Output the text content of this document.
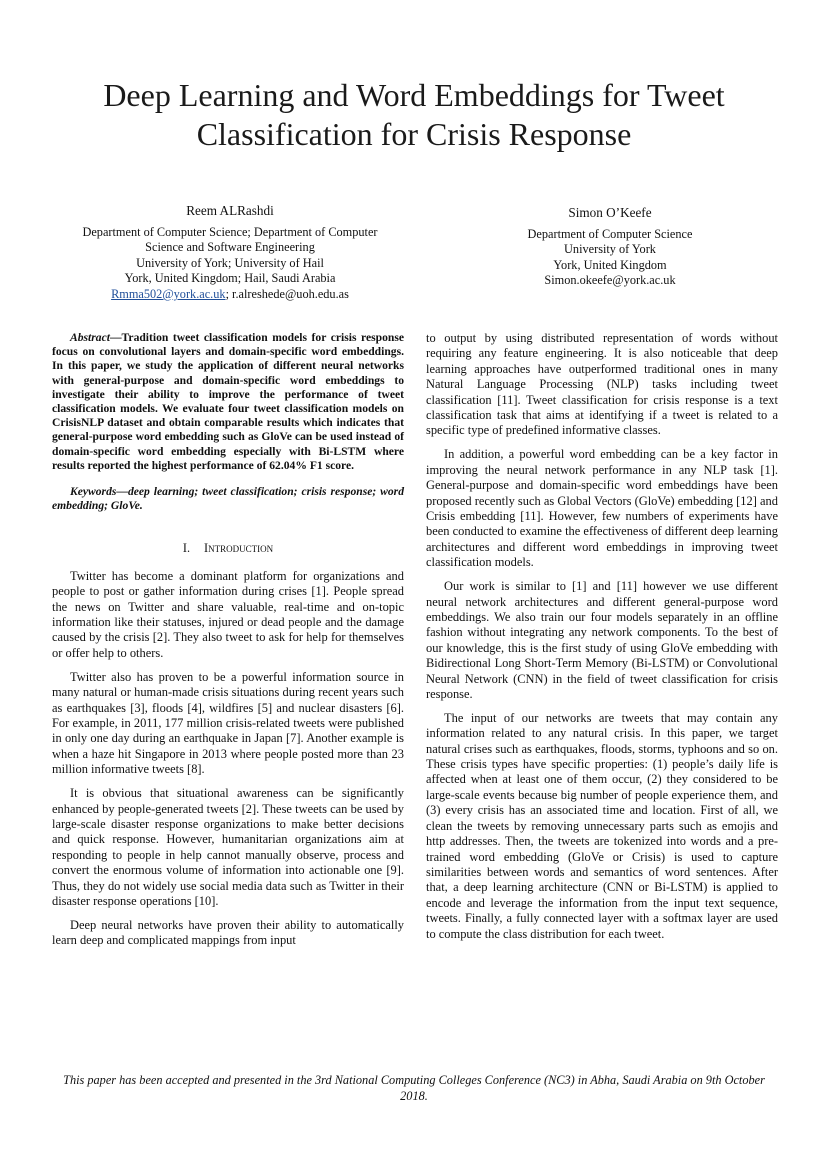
Deep Learning and Word Embeddings for Tweet Classification for Crisis Response
Reem ALRashdi
Department of Computer Science; Department of Computer
Science and Software Engineering
University of York; University of Hail
York, United Kingdom; Hail, Saudi Arabia
Rmma502@york.ac.uk; r.alreshede@uoh.edu.as
Simon O’Keefe
Department of Computer Science
University of York
York, United Kingdom
Simon.okeefe@york.ac.uk

Abstract—Tradition tweet classification models for crisis response focus on convolutional layers and domain-specific word embeddings. In this paper, we study the application of different neural networks with general-purpose and domain-specific word embeddings to investigate their ability to improve the performance of tweet classification models. We evaluate four tweet classification models on CrisisNLP dataset and obtain comparable results which indicates that general-purpose word embedding such as GloVe can be used instead of domain-specific word embedding especially with Bi-LSTM where results reported the highest performance of 62.04% F1 score.

Keywords—deep learning; tweet classification; crisis response; word embedding; GloVe.

I. Introduction

Twitter has become a dominant platform for organizations and people to post or gather information during crises [1]. People spread the news on Twitter and share valuable, real-time and on-topic information like their statuses, injured or dead people and the damage caused by the crisis [2]. They also tweet to ask for help for themselves or offer help to others.

Twitter also has proven to be a powerful information source in many natural or human-made crisis situations during recent years such as earthquakes [3], floods [4], wildfires [5] and nuclear disasters [6]. For example, in 2011, 177 million crisis-related tweets were published in only one day during an earthquake in Japan [7]. Another example is when a haze hit Singapore in 2013 where people posted more than 23 million informative tweets [8].

It is obvious that situational awareness can be significantly enhanced by people-generated tweets [2]. These tweets can be used by large-scale disaster response organizations to make better decisions and quick response. However, humanitarian organizations aim at responding to people in help cannot manually observe, process and convert the enormous volume of information into actionable one [9]. Thus, they do not widely use social media data such as Twitter in their disaster response operations [10].

Deep neural networks have proven their ability to automatically learn deep and complicated mappings from input

to output by using distributed representation of words without requiring any feature engineering. It is also noticeable that deep learning approaches have outperformed traditional ones in many Natural Language Processing (NLP) tasks including tweet classification [11]. Tweet classification for crisis response is a text classification task that aims at identifying if a tweet is related to a specific type of predefined informative classes.

In addition, a powerful word embedding can be a key factor in improving the neural network performance in any NLP task [1]. General-purpose and domain-specific word embeddings have been proposed recently such as Global Vectors (GloVe) embedding [12] and Crisis embedding [11]. However, few numbers of experiments have been conducted to examine the effectiveness of different deep learning architectures and different word embeddings in improving tweet classification models.

Our work is similar to [1] and [11] however we use different neural network architectures and different general-purpose word embeddings. We also train our four models separately in an offline fashion without integrating any network components. To the best of our knowledge, this is the first study of using GloVe embedding with Bidirectional Long Short-Term Memory (Bi-LSTM) or Convolutional Neural Network (CNN) in the field of tweet classification for crisis response.

The input of our networks are tweets that may contain any information related to any natural crisis. In this paper, we target natural crises such as earthquakes, floods, storms, typhoons and so on. These crisis types have specific properties: (1) people’s daily life is affected when at least one of them occur, (2) they considered to be large-scale events because big number of people experience them, and (3) every crisis has an associated time and location. First of all, we clean the tweets by removing unnecessary parts such as emojis and http addresses. Then, the tweets are tokenized into words and a pre-trained word embedding (GloVe or Crisis) is used to capture similarities between words and semantics of word sentences. After that, a deep learning architecture (CNN or Bi-LSTM) is applied to encode and leverage the information from the input text sequence, tweets. Finally, a fully connected layer with a softmax layer are used to compute the class distribution for each tweet.

This paper has been accepted and presented in the 3rd National Computing Colleges Conference (NC3) in Abha, Saudi Arabia on 9th October 2018.
